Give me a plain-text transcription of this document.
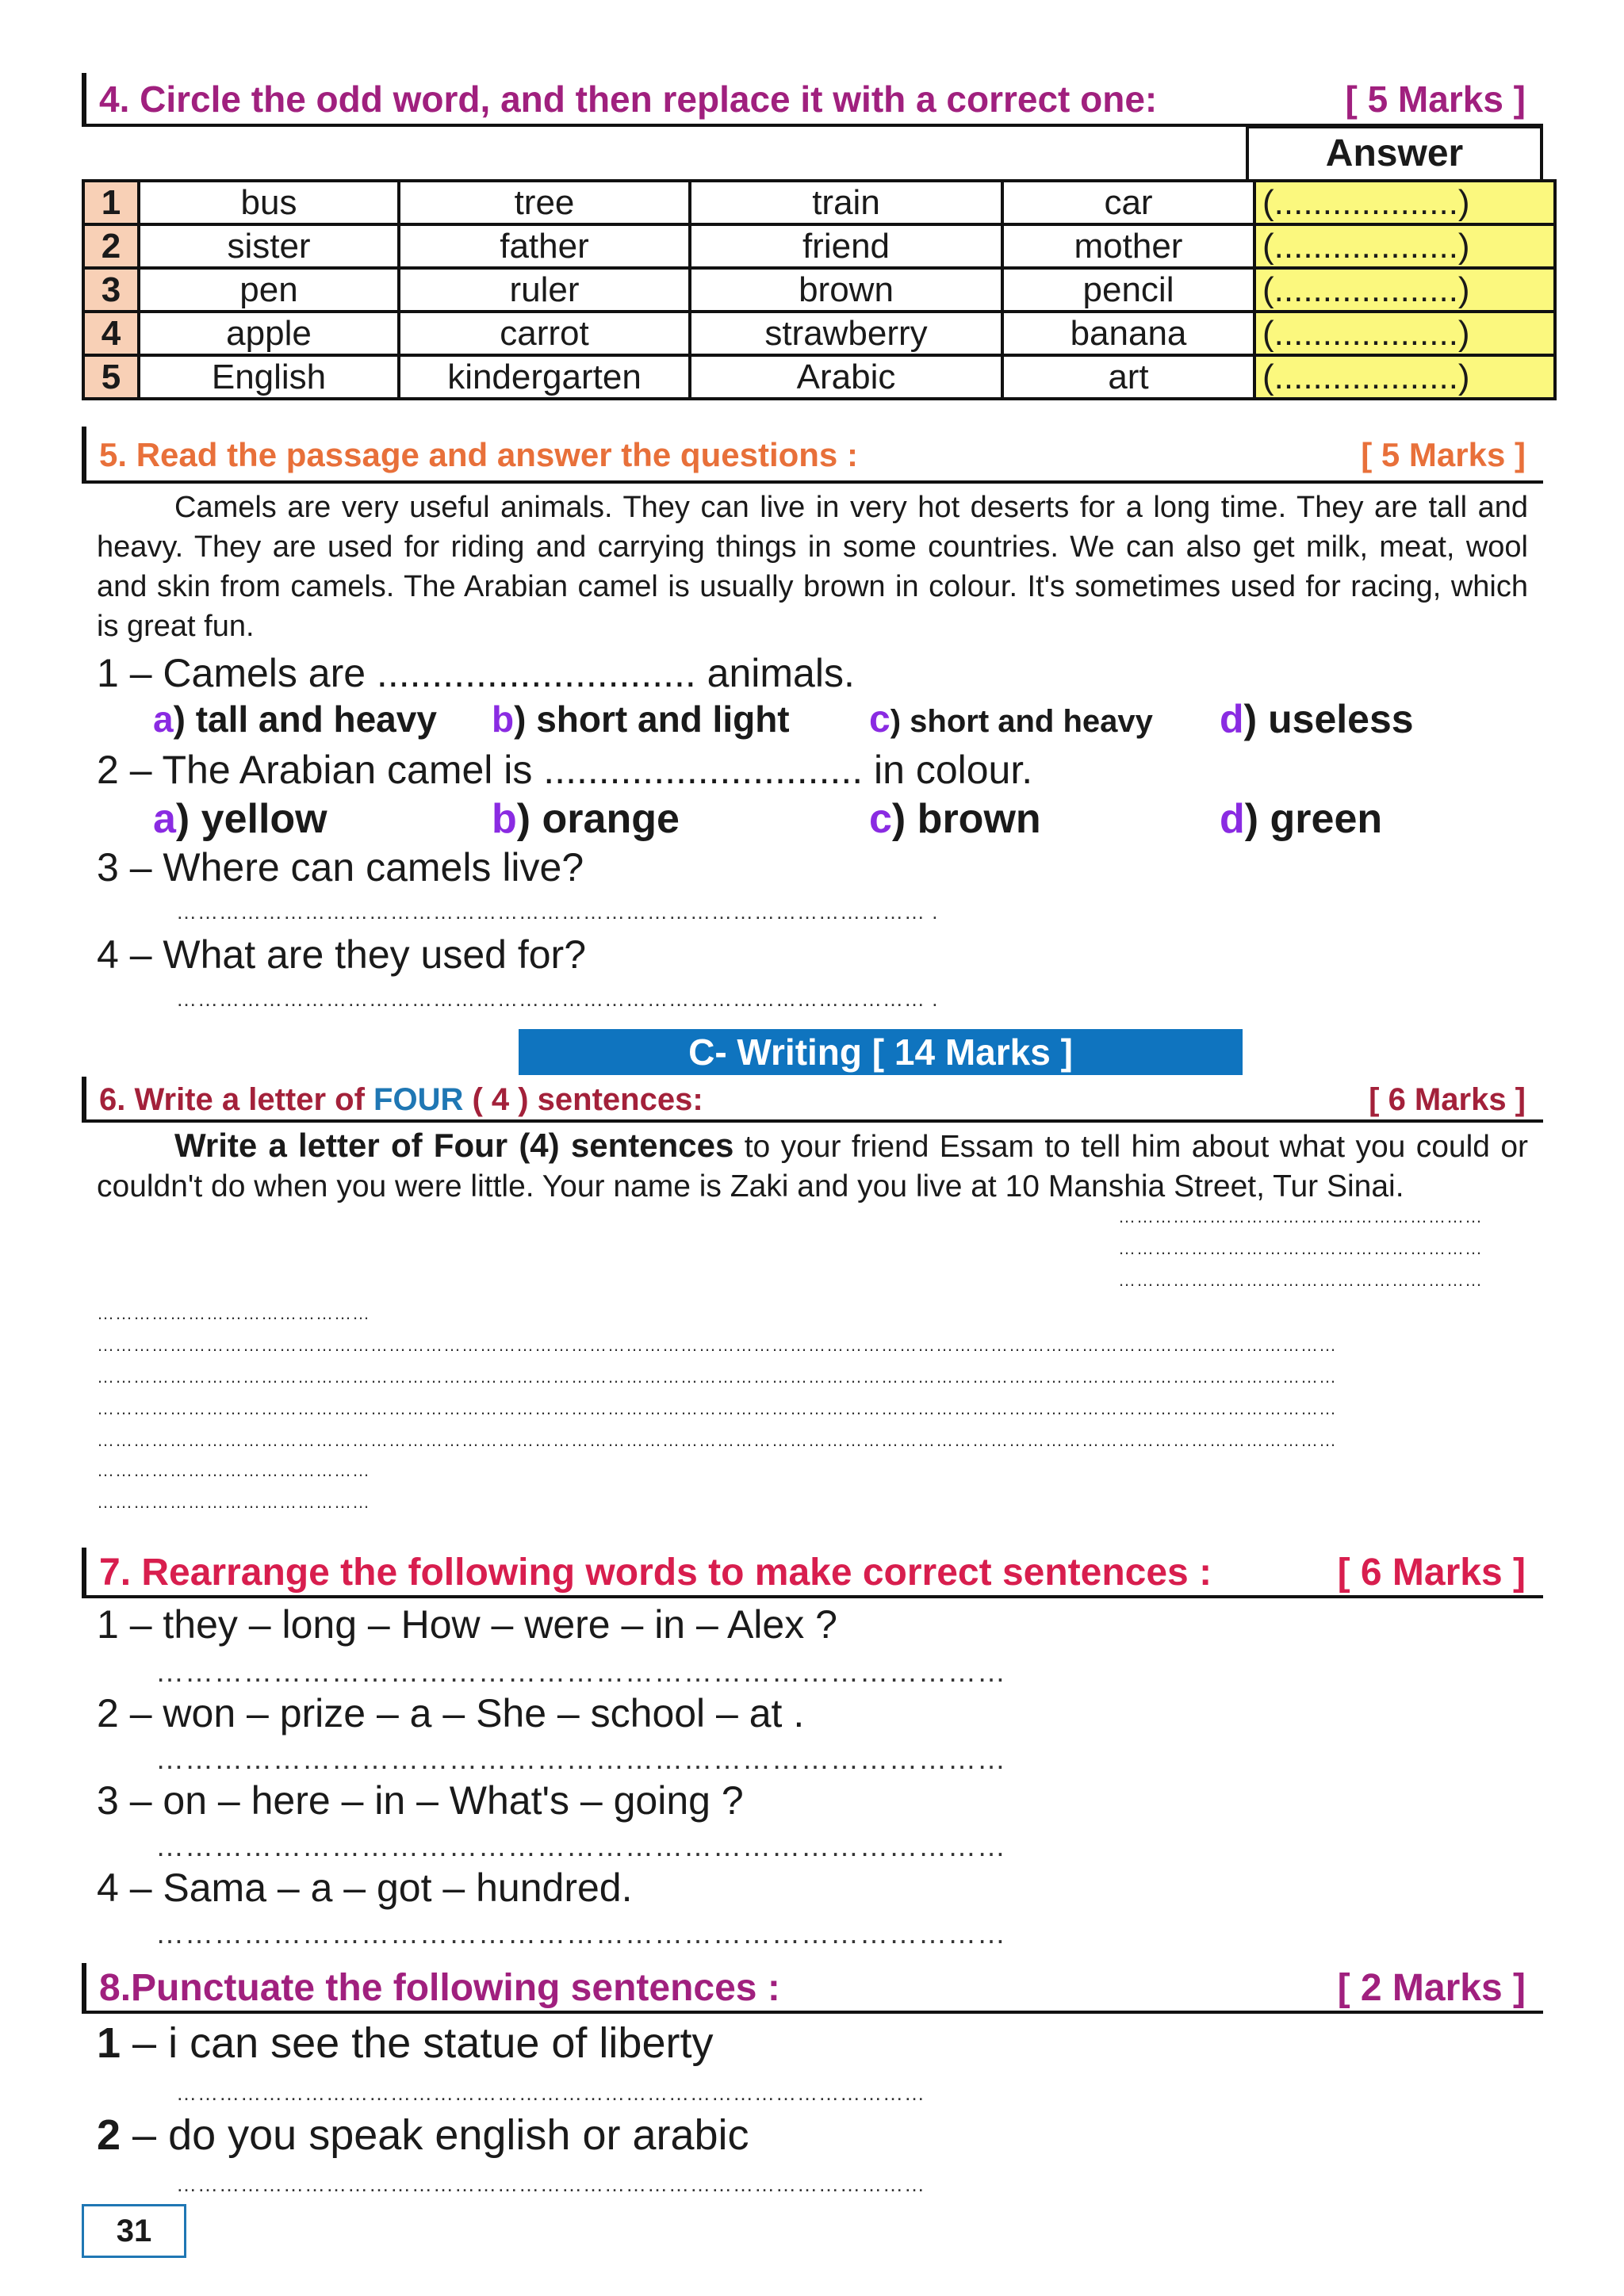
4. Circle the odd word, and then replace it with a correct one:	[ 5 Marks ]
Answer
1	bus	tree	train	car	(...................)
2	sister	father	friend	mother	(...................)
3	pen	ruler	brown	pencil	(...................)
4	apple	carrot	strawberry	banana	(...................)
5	English	kindergarten	Arabic	art	(...................)
5. Read the passage and answer the questions :	[ 5 Marks ]
Camels are very useful animals. They can live in very hot deserts for a long time. They are tall and heavy. They are used for riding and carrying things in some countries. We can also get milk, meat, wool and skin from camels. The Arabian camel is usually brown in colour. It's sometimes used for racing, which is great fun.
1 – Camels are ............................. animals.
a) tall and heavy b) short and light c) short and heavy d) useless
2 – The Arabian camel is ............................. in colour.
a) yellow	b) orange	c) brown	d) green
3 – Where can camels live?
…………………………………………………………………………………………… .
4 – What are they used for?
…………………………………………………………………………………………… .
C- Writing [ 14 Marks ]
6. Write a letter of FOUR ( 4 ) sentences:	[ 6 Marks ]
Write a letter of Four (4) sentences to your friend Essam to tell him about what you could or couldn't do when you were little. Your name is Zaki and you live at 10 Manshia Street, Tur Sinai.
……………………………………………………
……………………………………………………
……………………………………………………
………………………………………
……………………………………………………………………………………………………………………………………………………………………………………
……………………………………………………………………………………………………………………………………………………………………………………
……………………………………………………………………………………………………………………………………………………………………………………
……………………………………………………………………………………………………………………………………………………………………………………
………………………………………
………………………………………
7. Rearrange the following words to make correct sentences :	[ 6 Marks ]
1 – they – long – How – were – in – Alex ?
……………………………………………………………………………
2 – won – prize – a – She – school – at .
……………………………………………………………………………
3 – on – here – in – What's – going ?
……………………………………………………………………………
4 – Sama – a – got – hundred.
……………………………………………………………………………
8.Punctuate the following sentences :	[ 2 Marks ]
1 – i can see the statue of liberty
……………………………………………………………………………………………
2 – do you speak english or arabic
……………………………………………………………………………………………
31
